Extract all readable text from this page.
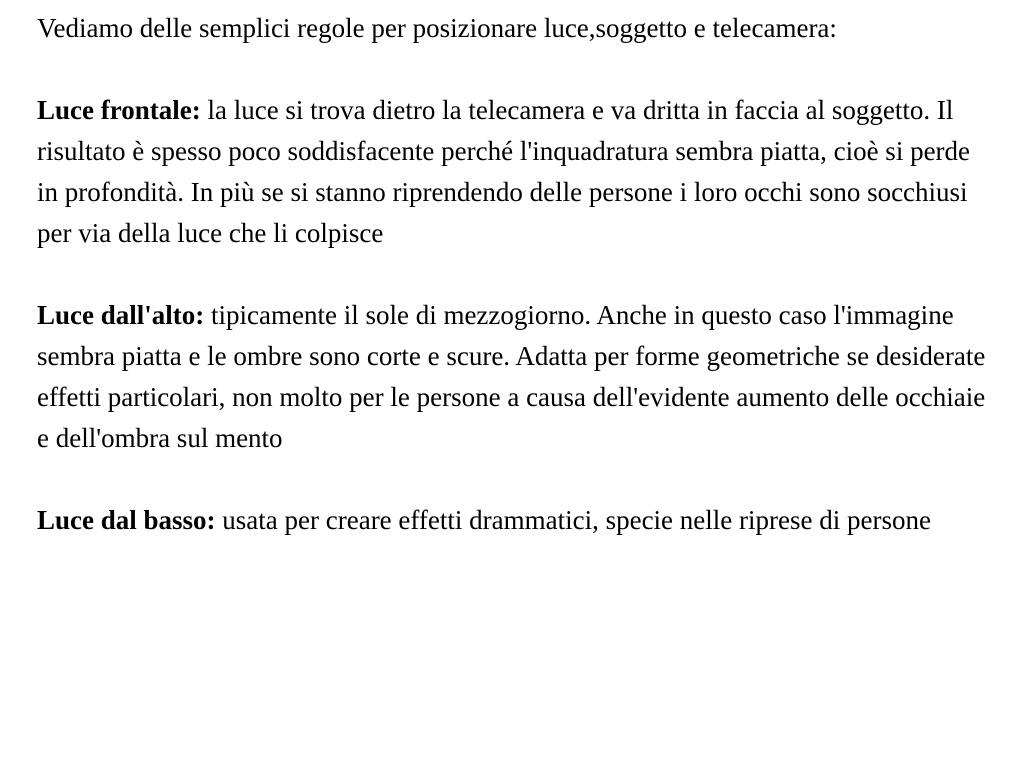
Vediamo delle semplici regole per posizionare luce,soggetto e telecamera:

Luce frontale: la luce si trova dietro la telecamera e va dritta in faccia al soggetto. Il risultato è spesso poco soddisfacente perché l'inquadratura sembra piatta, cioè si perde in profondità. In più se si stanno riprendendo delle persone i loro occhi sono socchiusi per via della luce che li colpisce

Luce dall'alto: tipicamente il sole di mezzogiorno. Anche in questo caso l'immagine sembra piatta e le ombre sono corte e scure. Adatta per forme geometriche se desiderate effetti particolari, non molto per le persone a causa dell'evidente aumento delle occhiaie e dell'ombra sul mento

Luce dal basso: usata per creare effetti drammatici, specie nelle riprese di persone
